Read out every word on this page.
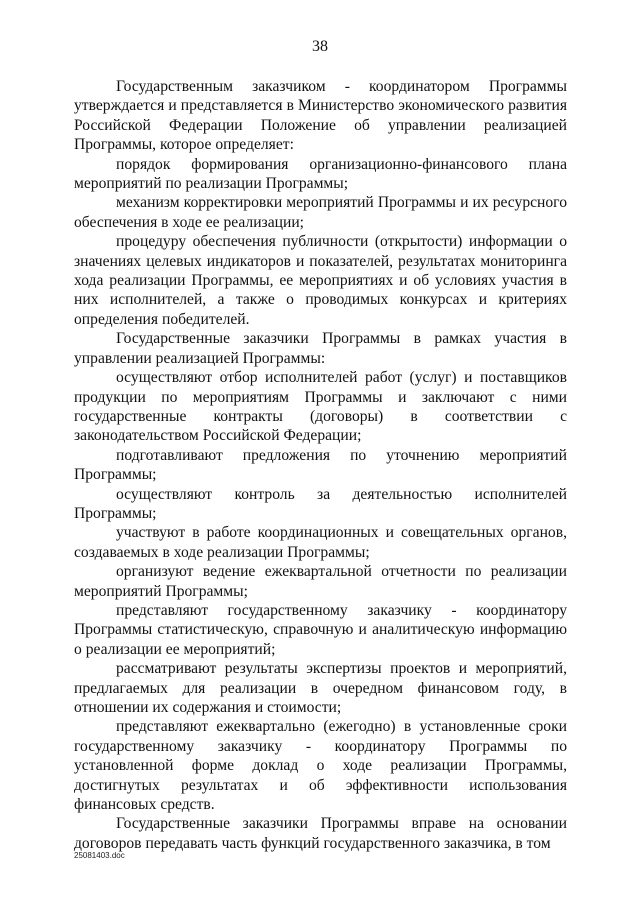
38

Государственным заказчиком - координатором Программы утверждается и представляется в Министерство экономического развития Российской Федерации Положение об управлении реализацией Программы, которое определяет:

порядок формирования организационно-финансового плана мероприятий по реализации Программы;

механизм корректировки мероприятий Программы и их ресурсного обеспечения в ходе ее реализации;

процедуру обеспечения публичности (открытости) информации о значениях целевых индикаторов и показателей, результатах мониторинга хода реализации Программы, ее мероприятиях и об условиях участия в них исполнителей, а также о проводимых конкурсах и критериях определения победителей.

Государственные заказчики Программы в рамках участия в управлении реализацией Программы:

осуществляют отбор исполнителей работ (услуг) и поставщиков продукции по мероприятиям Программы и заключают с ними государственные контракты (договоры) в соответствии с законодательством Российской Федерации;

подготавливают предложения по уточнению мероприятий Программы;

осуществляют контроль за деятельностью исполнителей Программы;

участвуют в работе координационных и совещательных органов, создаваемых в ходе реализации Программы;

организуют ведение ежеквартальной отчетности по реализации мероприятий Программы;

представляют государственному заказчику - координатору Программы статистическую, справочную и аналитическую информацию о реализации ее мероприятий;

рассматривают результаты экспертизы проектов и мероприятий, предлагаемых для реализации в очередном финансовом году, в отношении их содержания и стоимости;

представляют ежеквартально (ежегодно) в установленные сроки государственному заказчику - координатору Программы по установленной форме доклад о ходе реализации Программы, достигнутых результатах и об эффективности использования финансовых средств.

Государственные заказчики Программы вправе на основании договоров передавать часть функций государственного заказчика, в том

25081403.doc
